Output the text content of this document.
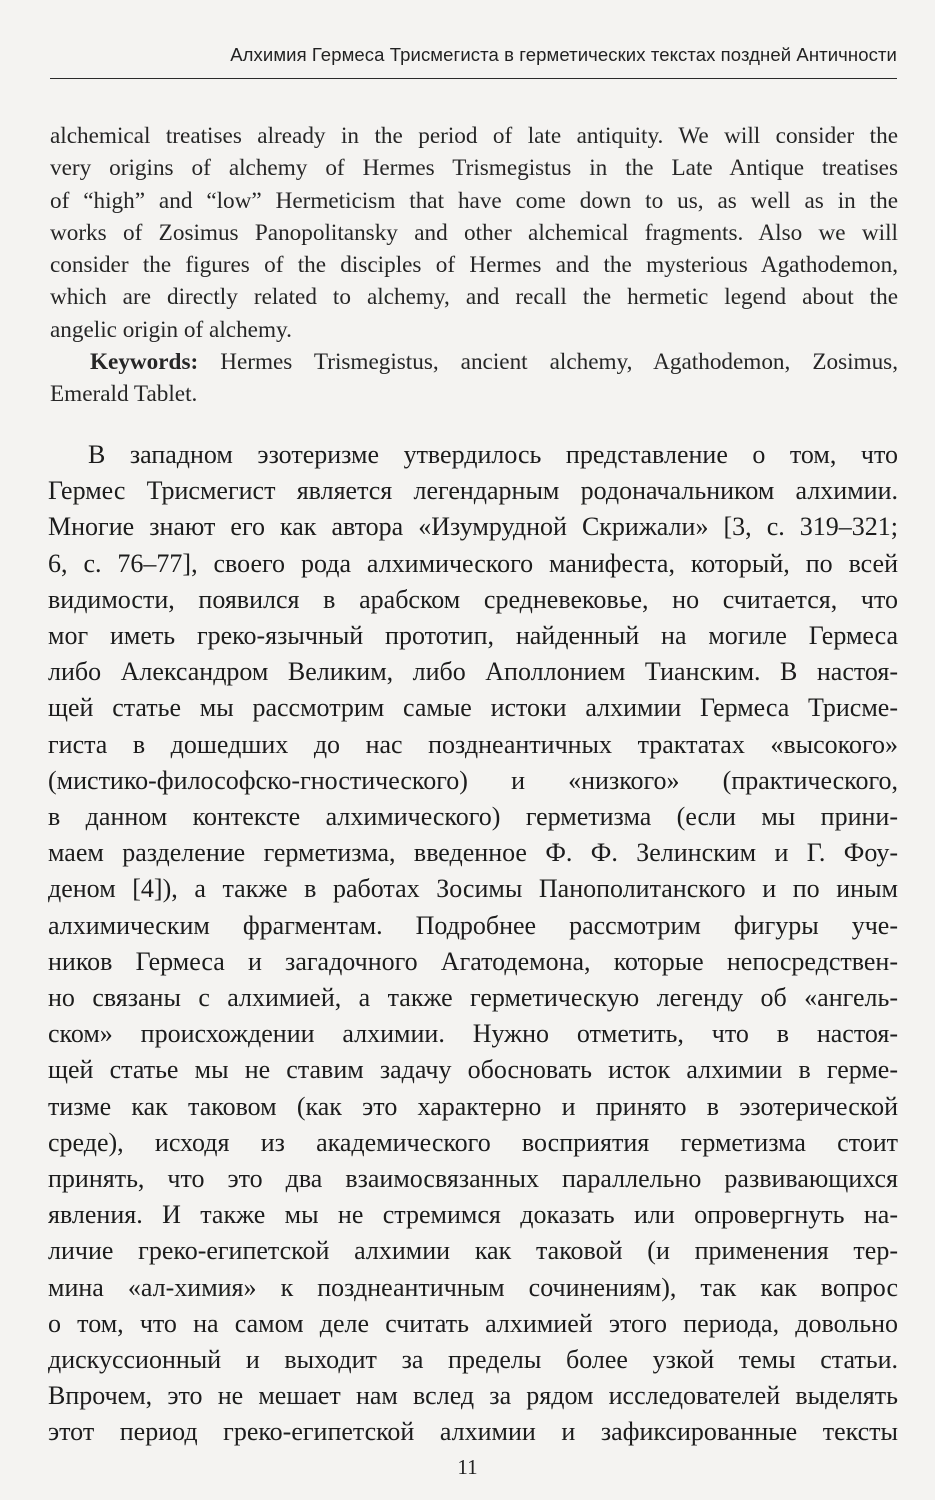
Алхимия Гермеса Трисмегиста в герметических текстах поздней Античности
alchemical treatises already in the period of late antiquity. We will consider the
very origins of alchemy of Hermes Trismegistus in the Late Antique treatises
of “high” and “low” Hermeticism that have come down to us, as well as in the
works of Zosimus Panopolitansky and other alchemical fragments. Also we will
consider the figures of the disciples of Hermes and the mysterious Agathodemon,
which are directly related to alchemy, and recall the hermetic legend about the
angelic origin of alchemy.
Keywords: Hermes Trismegistus, ancient alchemy, Agathodemon, Zosimus,
Emerald Tablet.
В западном эзотеризме утвердилось представление о том, что
Гермес Трисмегист является легендарным родоначальником алхимии.
Многие знают его как автора «Изумрудной Скрижали» [3, с. 319–321;
6, с. 76–77], своего рода алхимического манифеста, который, по всей
видимости, появился в арабском средневековье, но считается, что
мог иметь греко-язычный прототип, найденный на могиле Гермеса
либо Александром Великим, либо Аполлонием Тианским. В настоя-
щей статье мы рассмотрим самые истоки алхимии Гермеса Трисме-
гиста в дошедших до нас позднеантичных трактатах «высокого»
(мистико-философско-гностического) и «низкого» (практического,
в данном контексте алхимического) герметизма (если мы прини-
маем разделение герметизма, введенное Ф. Ф. Зелинским и Г. Фоу-
деном [4]), а также в работах Зосимы Панополитанского и по иным
алхимическим фрагментам. Подробнее рассмотрим фигуры уче-
ников Гермеса и загадочного Агатодемона, которые непосредствен-
но связаны с алхимией, а также герметическую легенду об «ангель-
ском» происхождении алхимии. Нужно отметить, что в настоя-
щей статье мы не ставим задачу обосновать исток алхимии в герме-
тизме как таковом (как это характерно и принято в эзотерической
среде), исходя из академического восприятия герметизма стоит
принять, что это два взаимосвязанных параллельно развивающихся
явления. И также мы не стремимся доказать или опровергнуть на-
личие греко-египетской алхимии как таковой (и применения тер-
мина «ал-химия» к позднеантичным сочинениям), так как вопрос
о том, что на самом деле считать алхимией этого периода, довольно
дискуссионный и выходит за пределы более узкой темы статьи.
Впрочем, это не мешает нам вслед за рядом исследователей выделять
этот период греко-египетской алхимии и зафиксированные тексты
11
